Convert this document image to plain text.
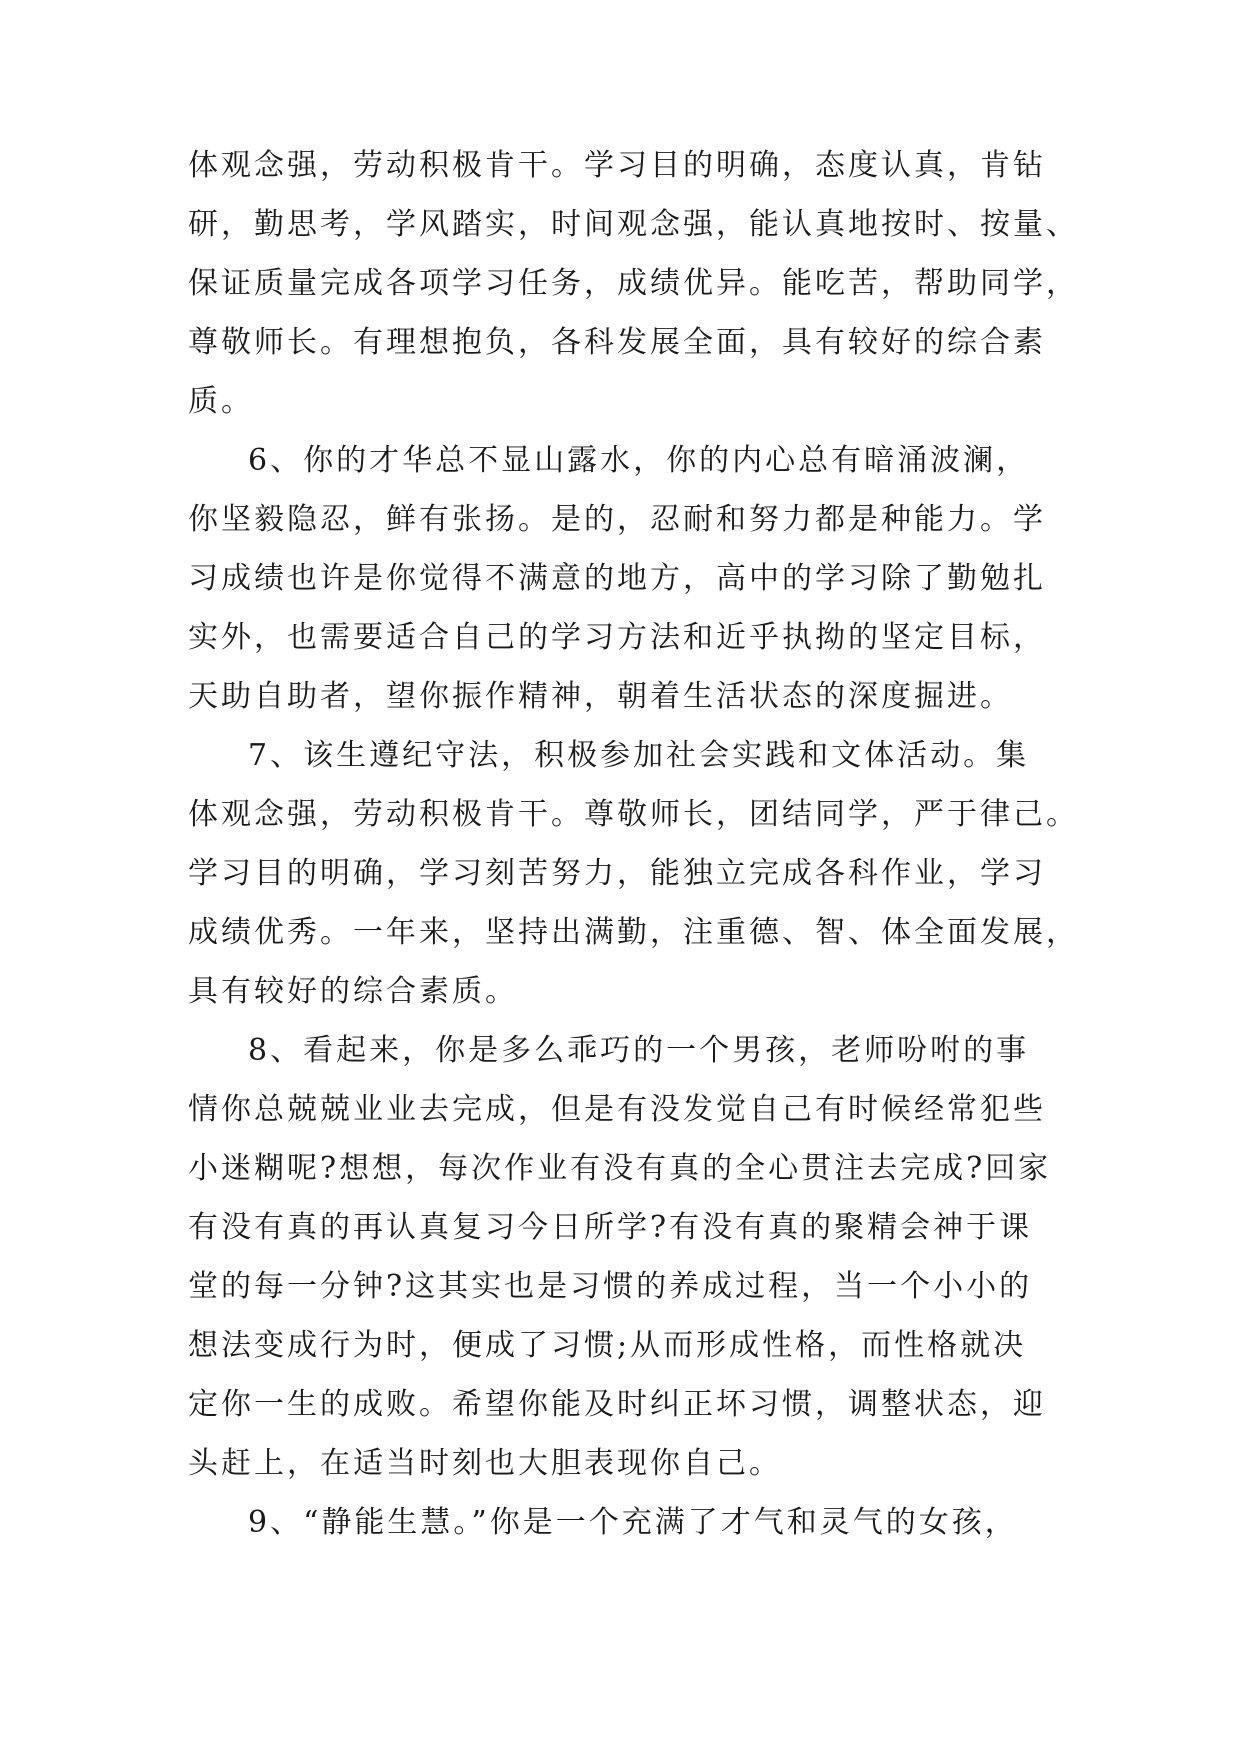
体观念强，劳动积极肯干。学习目的明确，态度认真，肯钻
研，勤思考，学风踏实，时间观念强，能认真地按时、按量、
保证质量完成各项学习任务，成绩优异。能吃苦，帮助同学，
尊敬师长。有理想抱负，各科发展全面，具有较好的综合素
质。
6、你的才华总不显山露水，你的内心总有暗涌波澜，
你坚毅隐忍，鲜有张扬。是的，忍耐和努力都是种能力。学
习成绩也许是你觉得不满意的地方，高中的学习除了勤勉扎
实外，也需要适合自己的学习方法和近乎执拗的坚定目标，
天助自助者，望你振作精神，朝着生活状态的深度掘进。
7、该生遵纪守法，积极参加社会实践和文体活动。集
体观念强，劳动积极肯干。尊敬师长，团结同学，严于律己。
学习目的明确，学习刻苦努力，能独立完成各科作业，学习
成绩优秀。一年来，坚持出满勤，注重德、智、体全面发展，
具有较好的综合素质。
8、看起来，你是多么乖巧的一个男孩，老师吩咐的事
情你总兢兢业业去完成，但是有没发觉自己有时候经常犯些
小迷糊呢?想想，每次作业有没有真的全心贯注去完成?回家
有没有真的再认真复习今日所学?有没有真的聚精会神于课
堂的每一分钟?这其实也是习惯的养成过程，当一个小小的
想法变成行为时，便成了习惯;从而形成性格，而性格就决
定你一生的成败。希望你能及时纠正坏习惯，调整状态，迎
头赶上，在适当时刻也大胆表现你自己。
9、“静能生慧。”你是一个充满了才气和灵气的女孩，
